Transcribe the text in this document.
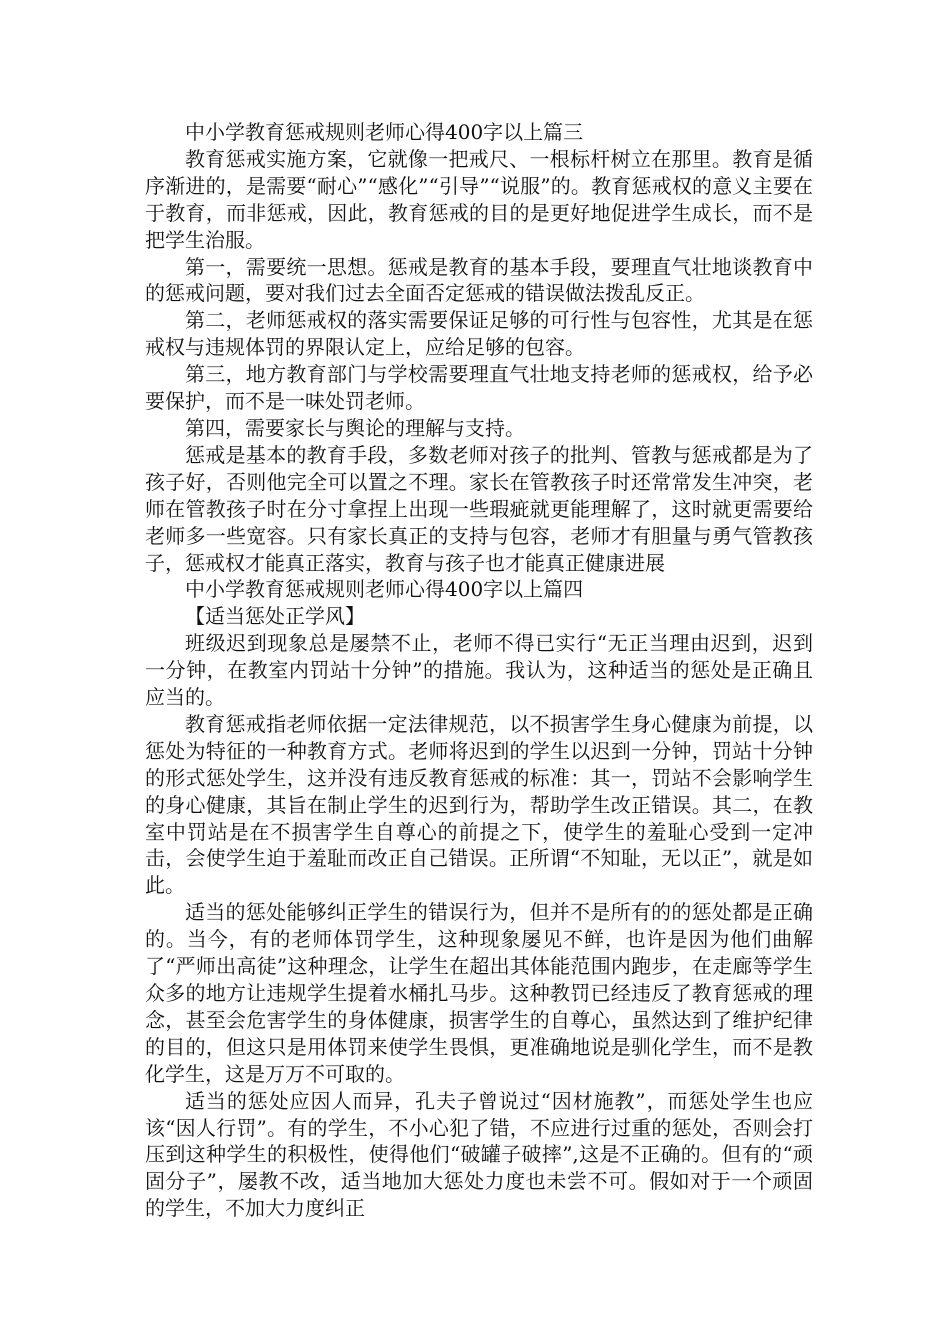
中小学教育惩戒规则老师心得400字以上篇三

教育惩戒实施方案，它就像一把戒尺、一根标杆树立在那里。教育是循序渐进的，是需要“耐心”“感化”“引导”“说服”的。教育惩戒权的意义主要在于教育，而非惩戒，因此，教育惩戒的目的是更好地促进学生成长，而不是把学生治服。

第一，需要统一思想。惩戒是教育的基本手段，要理直气壮地谈教育中的惩戒问题，要对我们过去全面否定惩戒的错误做法拨乱反正。

第二，老师惩戒权的落实需要保证足够的可行性与包容性，尤其是在惩戒权与违规体罚的界限认定上，应给足够的包容。

第三，地方教育部门与学校需要理直气壮地支持老师的惩戒权，给予必要保护，而不是一味处罚老师。

第四，需要家长与舆论的理解与支持。

惩戒是基本的教育手段，多数老师对孩子的批判、管教与惩戒都是为了孩子好，否则他完全可以置之不理。家长在管教孩子时还常常发生冲突，老师在管教孩子时在分寸拿捏上出现一些瑕疵就更能理解了，这时就更需要给老师多一些宽容。只有家长真正的支持与包容，老师才有胆量与勇气管教孩子，惩戒权才能真正落实，教育与孩子也才能真正健康进展

中小学教育惩戒规则老师心得400字以上篇四

【适当惩处正学风】

班级迟到现象总是屡禁不止，老师不得已实行“无正当理由迟到，迟到一分钟，在教室内罚站十分钟”的措施。我认为，这种适当的惩处是正确且应当的。

教育惩戒指老师依据一定法律规范，以不损害学生身心健康为前提，以惩处为特征的一种教育方式。老师将迟到的学生以迟到一分钟，罚站十分钟的形式惩处学生，这并没有违反教育惩戒的标准：其一，罚站不会影响学生的身心健康，其旨在制止学生的迟到行为，帮助学生改正错误。其二，在教室中罚站是在不损害学生自尊心的前提之下，使学生的羞耻心受到一定冲击，会使学生迫于羞耻而改正自己错误。正所谓“不知耻，无以正”，就是如此。

适当的惩处能够纠正学生的错误行为，但并不是所有的的惩处都是正确的。当今，有的老师体罚学生，这种现象屡见不鲜，也许是因为他们曲解了“严师出高徒”这种理念，让学生在超出其体能范围内跑步，在走廊等学生众多的地方让违规学生提着水桶扎马步。这种教罚已经违反了教育惩戒的理念，甚至会危害学生的身体健康，损害学生的自尊心，虽然达到了维护纪律的目的，但这只是用体罚来使学生畏惧，更准确地说是驯化学生，而不是教化学生，这是万万不可取的。

适当的惩处应因人而异，孔夫子曾说过“因材施教”，而惩处学生也应该“因人行罚”。有的学生，不小心犯了错，不应进行过重的惩处，否则会打压到这种学生的积极性，使得他们“破罐子破摔”,这是不正确的。但有的“顽固分子”，屡教不改，适当地加大惩处力度也未尝不可。假如对于一个顽固的学生，不加大力度纠正
